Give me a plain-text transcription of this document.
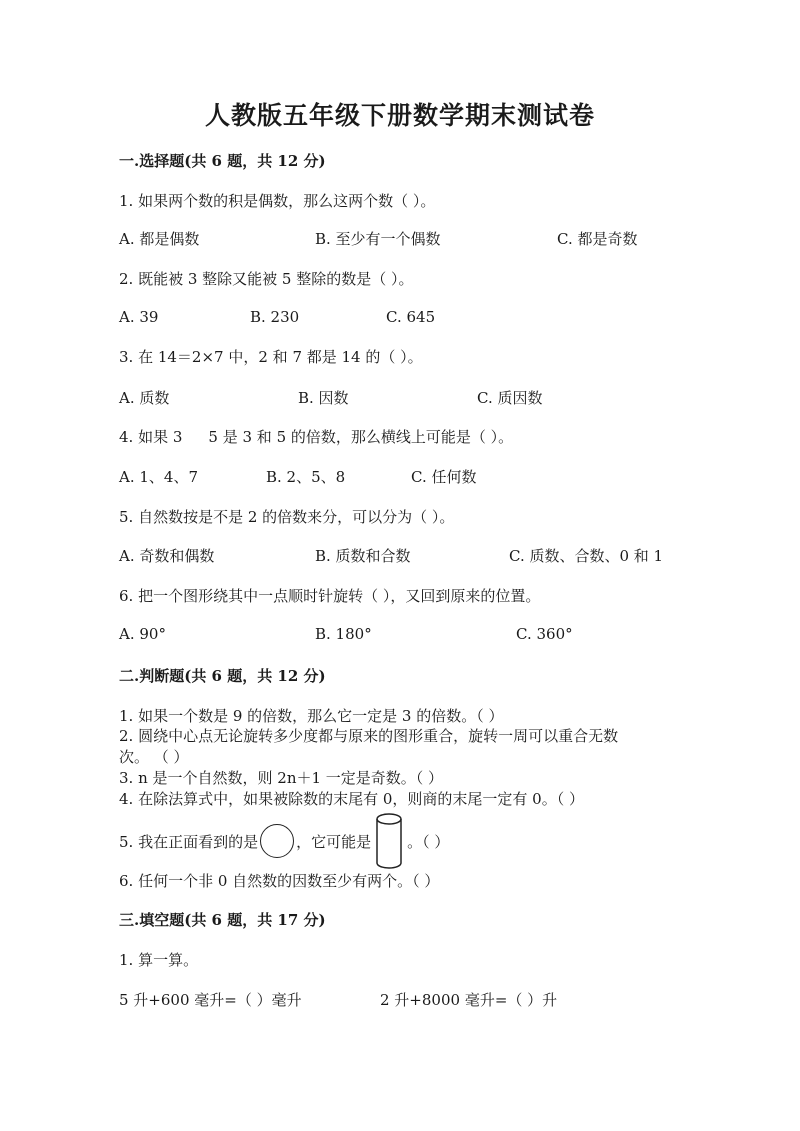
人教版五年级下册数学期末测试卷
一.选择题(共 6 题，共 12 分)
1. 如果两个数的积是偶数，那么这两个数（ ）。
A. 都是偶数	B. 至少有一个偶数	C. 都是奇数
2. 既能被 3 整除又能被 5 整除的数是（ ）。
A. 39	B. 230	C. 645
3. 在 14＝2×7 中，2 和 7 都是 14 的（ ）。
A. 质数	B. 因数	C. 质因数
4. 如果 3 5 是 3 和 5 的倍数，那么横线上可能是（ ）。
A. 1、4、7	B. 2、5、8	C. 任何数
5. 自然数按是不是 2 的倍数来分，可以分为（ ）。
A. 奇数和偶数	B. 质数和合数	C. 质数、合数、0 和 1
6. 把一个图形绕其中一点顺时针旋转（ ），又回到原来的位置。
A. 90°	B. 180°	C. 360°
二.判断题(共 6 题，共 12 分)
1. 如果一个数是 9 的倍数，那么它一定是 3 的倍数。（ ）
2. 圆绕中心点无论旋转多少度都与原来的图形重合，旋转一周可以重合无数
次。 （ ）
3. n 是一个自然数，则 2n＋1 一定是奇数。（ ）
4. 在除法算式中，如果被除数的末尾有 0，则商的末尾一定有 0。（ ）
5. 我在正面看到的是	，它可能是 。（ ）
6. 任何一个非 0 自然数的因数至少有两个。（ ）
三.填空题(共 6 题，共 17 分)
1. 算一算。
5 升+600 毫升=（ ）毫升	2 升+8000 毫升=（ ）升
